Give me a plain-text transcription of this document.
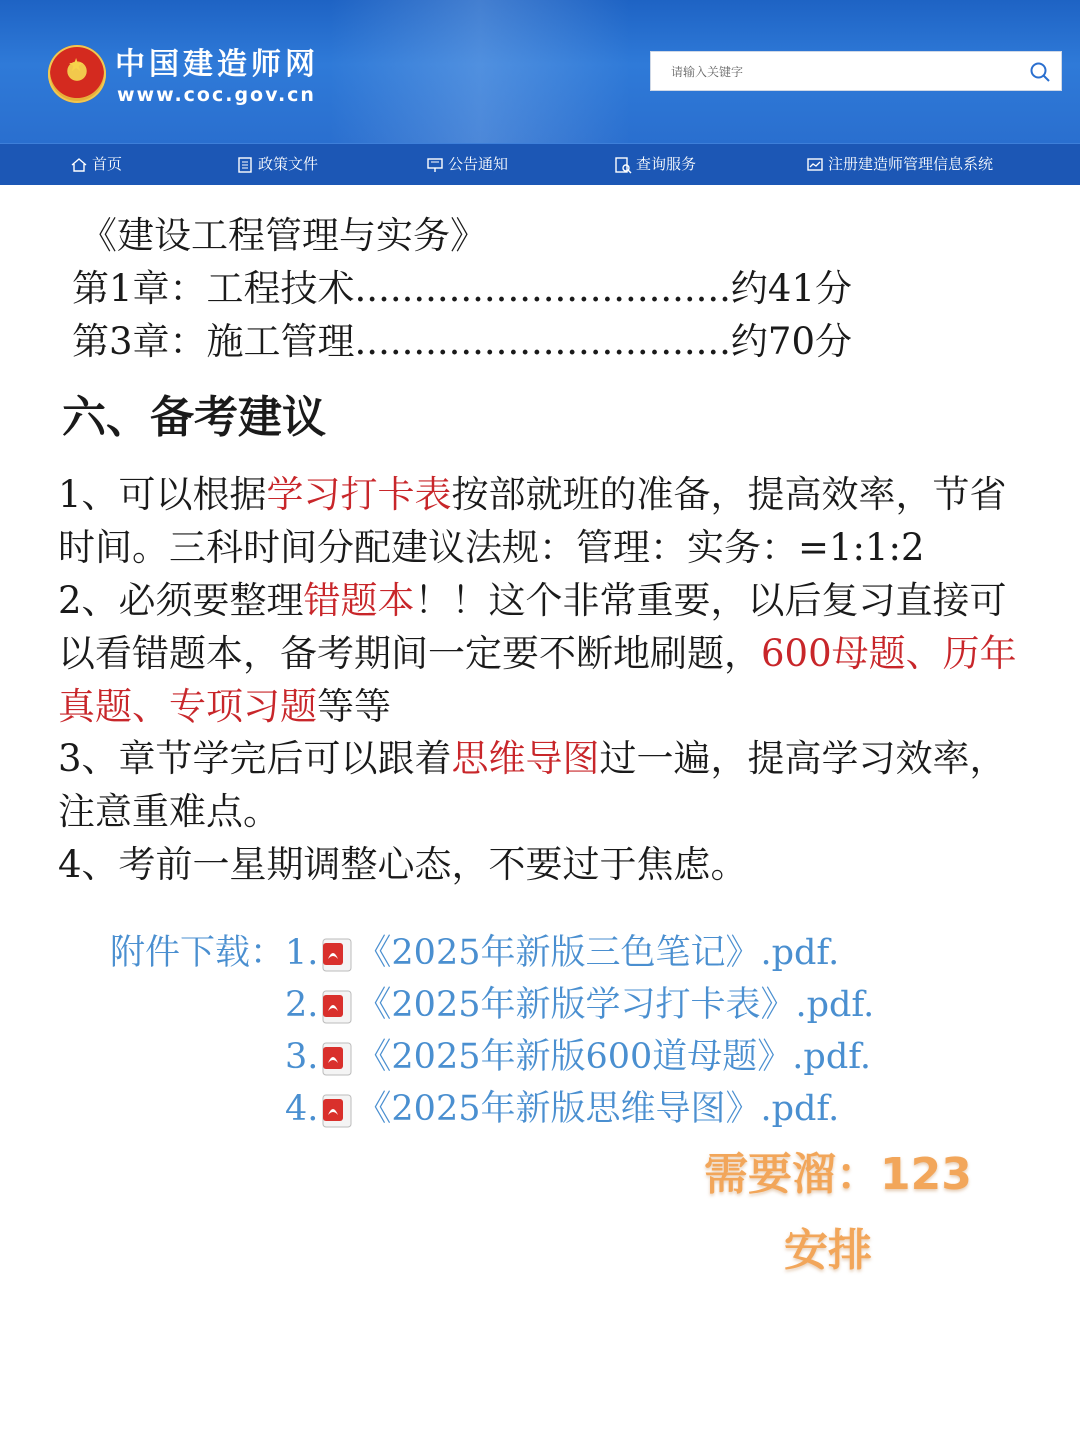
★ 中国建造师网
www.coc.gov.cn
请输入关键字
首页	政策文件	公告通知	查询服务	注册建造师管理信息系统
《建设工程管理与实务》
第1章：工程技术................................约41分
第3章：施工管理................................约70分
六、备考建议
1、可以根据学习打卡表按部就班的准备，提高效率，节省时间。三科时间分配建议法规：管理：实务：=1:1:2
2、必须要整理错题本！！这个非常重要，以后复习直接可以看错题本，备考期间一定要不断地刷题，600母题、历年真题、专项习题等等
3、章节学完后可以跟着思维导图过一遍，提高学习效率，注意重难点。
4、考前一星期调整心态，不要过于焦虑。
附件下载： 1. 《2025年新版三色笔记》.pdf.
2. 《2025年新版学习打卡表》.pdf.
3. 《2025年新版600道母题》.pdf.
4. 《2025年新版思维导图》.pdf.
需要溜：123
安排
